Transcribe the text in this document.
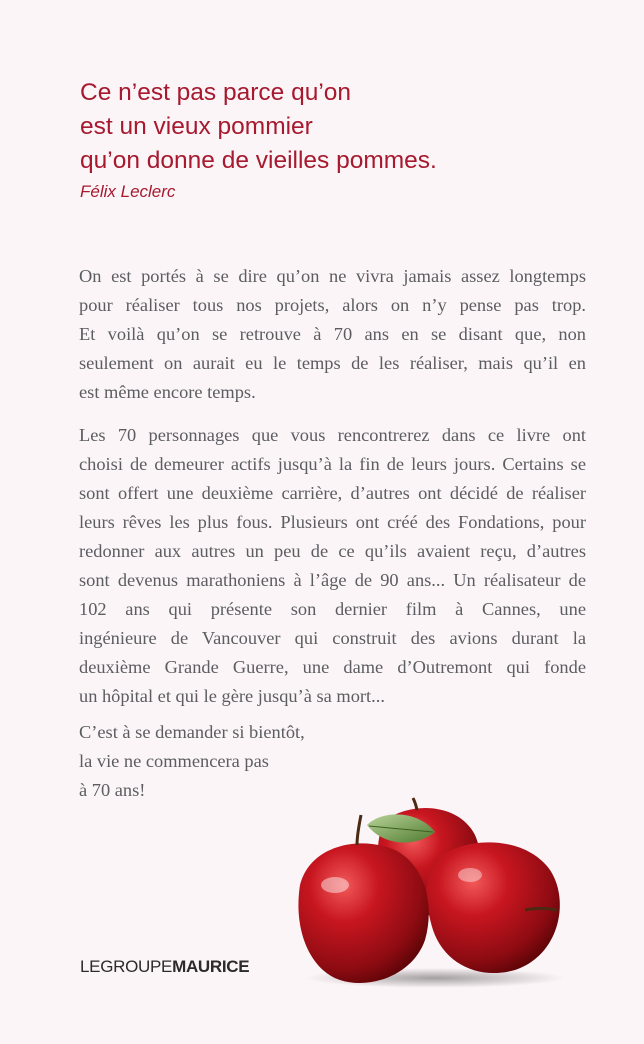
Ce n’est pas parce qu’on
est un vieux pommier
qu’on donne de vieilles pommes.
Félix Leclerc
On est portés à se dire qu’on ne vivra jamais assez longtemps
pour réaliser tous nos projets, alors on n’y pense pas trop.
Et voilà qu’on se retrouve à 70 ans en se disant que, non
seulement on aurait eu le temps de les réaliser, mais qu’il en
est même encore temps.
Les 70 personnages que vous rencontrerez dans ce livre ont
choisi de demeurer actifs jusqu’à la fin de leurs jours. Certains se
sont offert une deuxième carrière, d’autres ont décidé de réaliser
leurs rêves les plus fous. Plusieurs ont créé des Fondations, pour
redonner aux autres un peu de ce qu’ils avaient reçu, d’autres
sont devenus marathoniens à l’âge de 90 ans... Un réalisateur de
102 ans qui présente son dernier film à Cannes, une
ingénieure de Vancouver qui construit des avions durant la
deuxième Grande Guerre, une dame d’Outremont qui fonde
un hôpital et qui le gère jusqu’à sa mort...
C’est à se demander si bientôt,
la vie ne commencera pas
à 70 ans!
LEGROUPEMAURICE
